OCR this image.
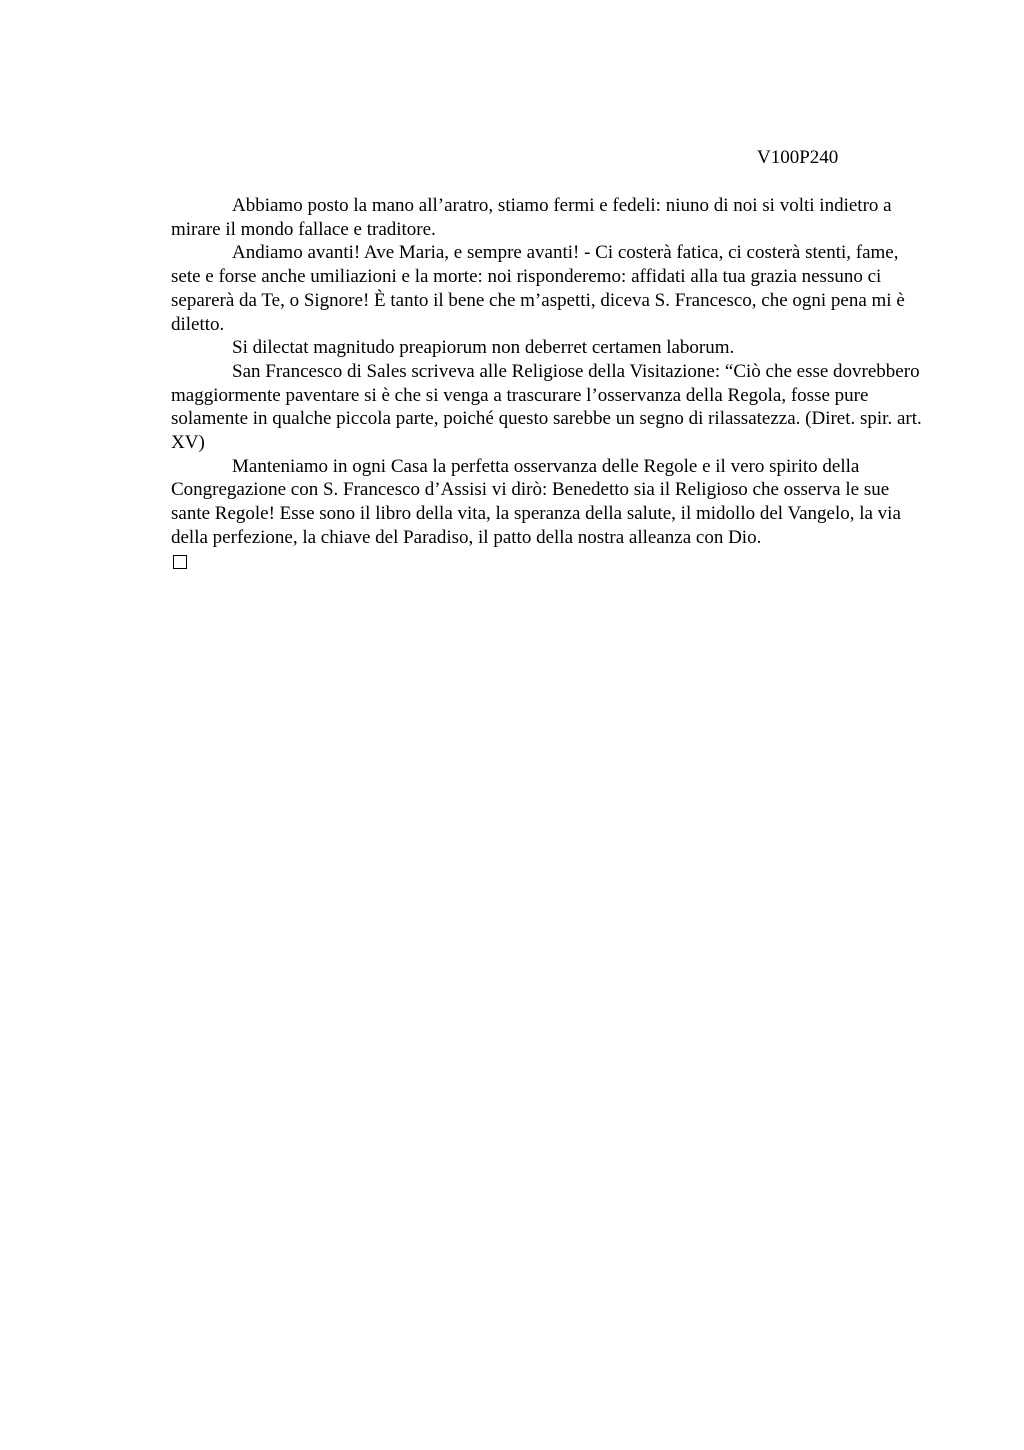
V100P240

Abbiamo posto la mano all’aratro, stiamo fermi e fedeli: niuno di noi si volti indietro a mirare il mondo fallace e traditore.

Andiamo avanti! Ave Maria, e sempre avanti! - Ci costerà fatica, ci costerà stenti, fame, sete e forse anche umiliazioni e la morte: noi risponderemo: affidati alla tua grazia nessuno ci separerà da Te, o Signore! È tanto il bene che m’aspetti, diceva S. Francesco, che ogni pena mi è diletto.

Si dilectat magnitudo preapiorum non deberret certamen laborum.

San Francesco di Sales scriveva alle Religiose della Visitazione: “Ciò che esse dovrebbero maggiormente paventare si è che si venga a trascurare l’osservanza della Regola, fosse pure solamente in qualche piccola parte, poiché questo sarebbe un segno di rilassatezza. (Diret. spir. art. XV)

Manteniamo in ogni Casa la perfetta osservanza delle Regole e il vero spirito della Congregazione con S. Francesco d’Assisi vi dirò: Benedetto sia il Religioso che osserva le sue sante Regole! Esse sono il libro della vita, la speranza della salute, il midollo del Vangelo, la via della perfezione, la chiave del Paradiso, il patto della nostra alleanza con Dio.
